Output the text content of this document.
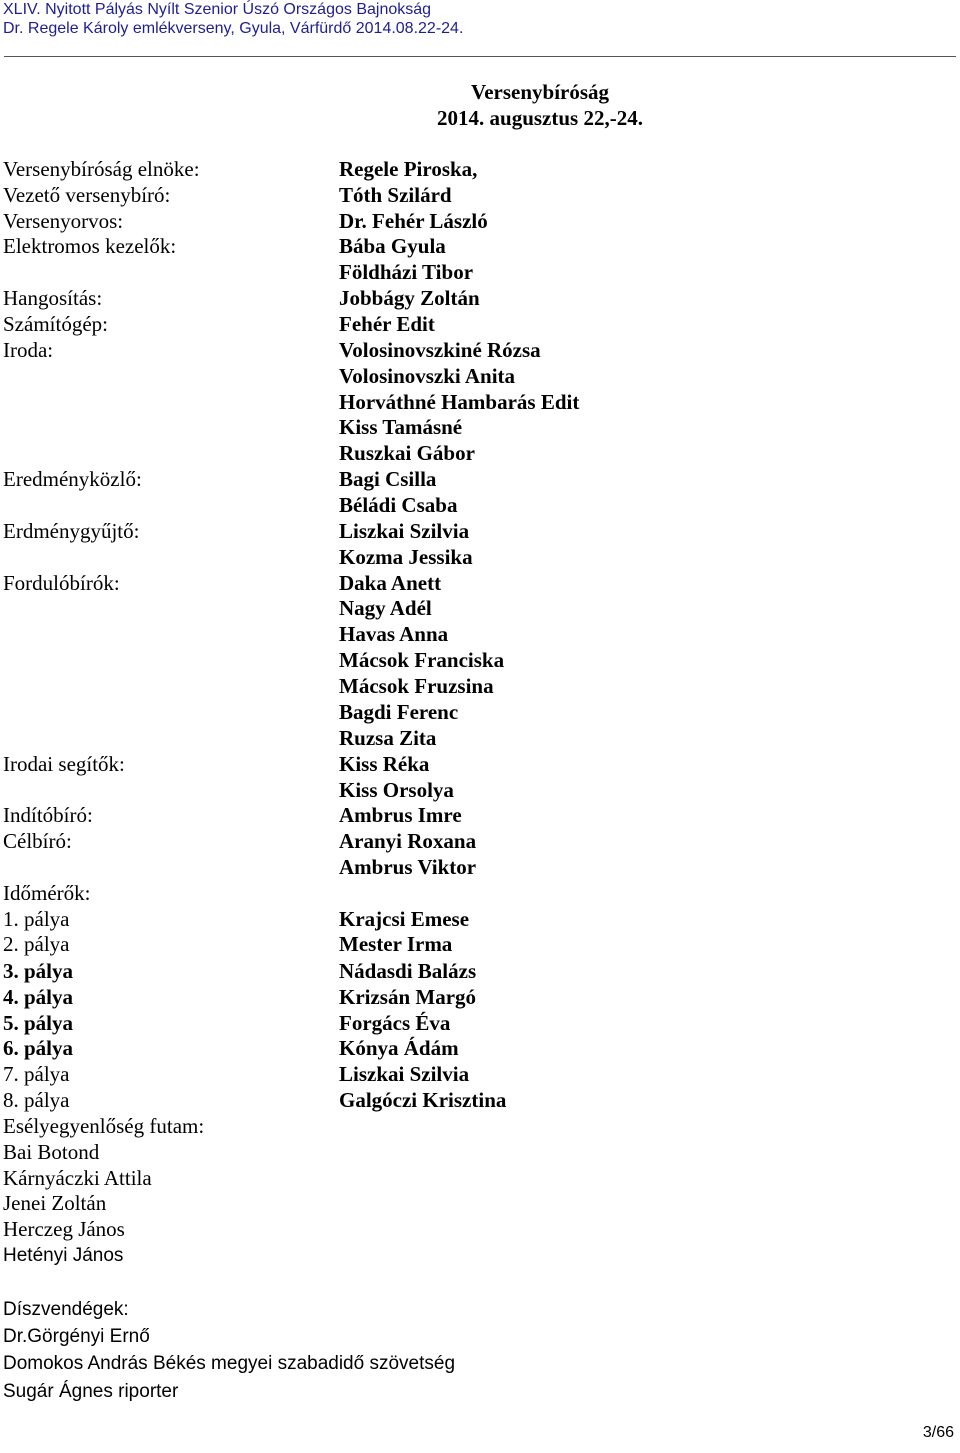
XLIV. Nyitott Pályás Nyílt Szenior Úszó Országos Bajnokság
Dr. Regele Károly emlékverseny, Gyula, Várfürdő 2014.08.22-24.
Versenybíróság
2014. augusztus 22,-24.
Versenybíróság elnöke:
Vezető versenybíró:
Versenyorvos:
Elektromos kezelők:
Hangosítás:
Számítógép:
Iroda:
Eredményközlő:
Erdménygyűjtő:
Fordulóbírók:
Irodai segítők:
Indítóbíró:
Célbíró:
Időmérők:
1. pálya
2. pálya
3. pálya
4. pálya
5. pálya
6. pálya
7. pálya
8. pálya
Esélyegyenlőség futam:
Bai Botond
Kárnyáczki Attila
Jenei Zoltán
Herczeg János
Hetényi János
Regele Piroska,
Tóth Szilárd
Dr. Fehér László
Bába Gyula
Földházi Tibor
Jobbágy Zoltán
Fehér Edit
Volosinovszkiné Rózsa
Volosinovszki Anita
Horváthné Hambarás Edit
Kiss Tamásné
Ruszkai Gábor
Bagi Csilla
Béládi Csaba
Liszkai Szilvia
Kozma Jessika
Daka Anett
Nagy Adél
Havas Anna
Mácsok Franciska
Mácsok Fruzsina
Bagdi Ferenc
Ruzsa Zita
Kiss Réka
Kiss Orsolya
Ambrus Imre
Aranyi Roxana
Ambrus Viktor
Krajcsi Emese
Mester Irma
Nádasdi Balázs
Krizsán Margó
Forgács Éva
Kónya Ádám
Liszkai Szilvia
Galgóczi Krisztina
Díszvendégek:
Dr.Görgényi Ernő
Domokos András Békés megyei szabadidő szövetség
Sugár Ágnes riporter
3/66
